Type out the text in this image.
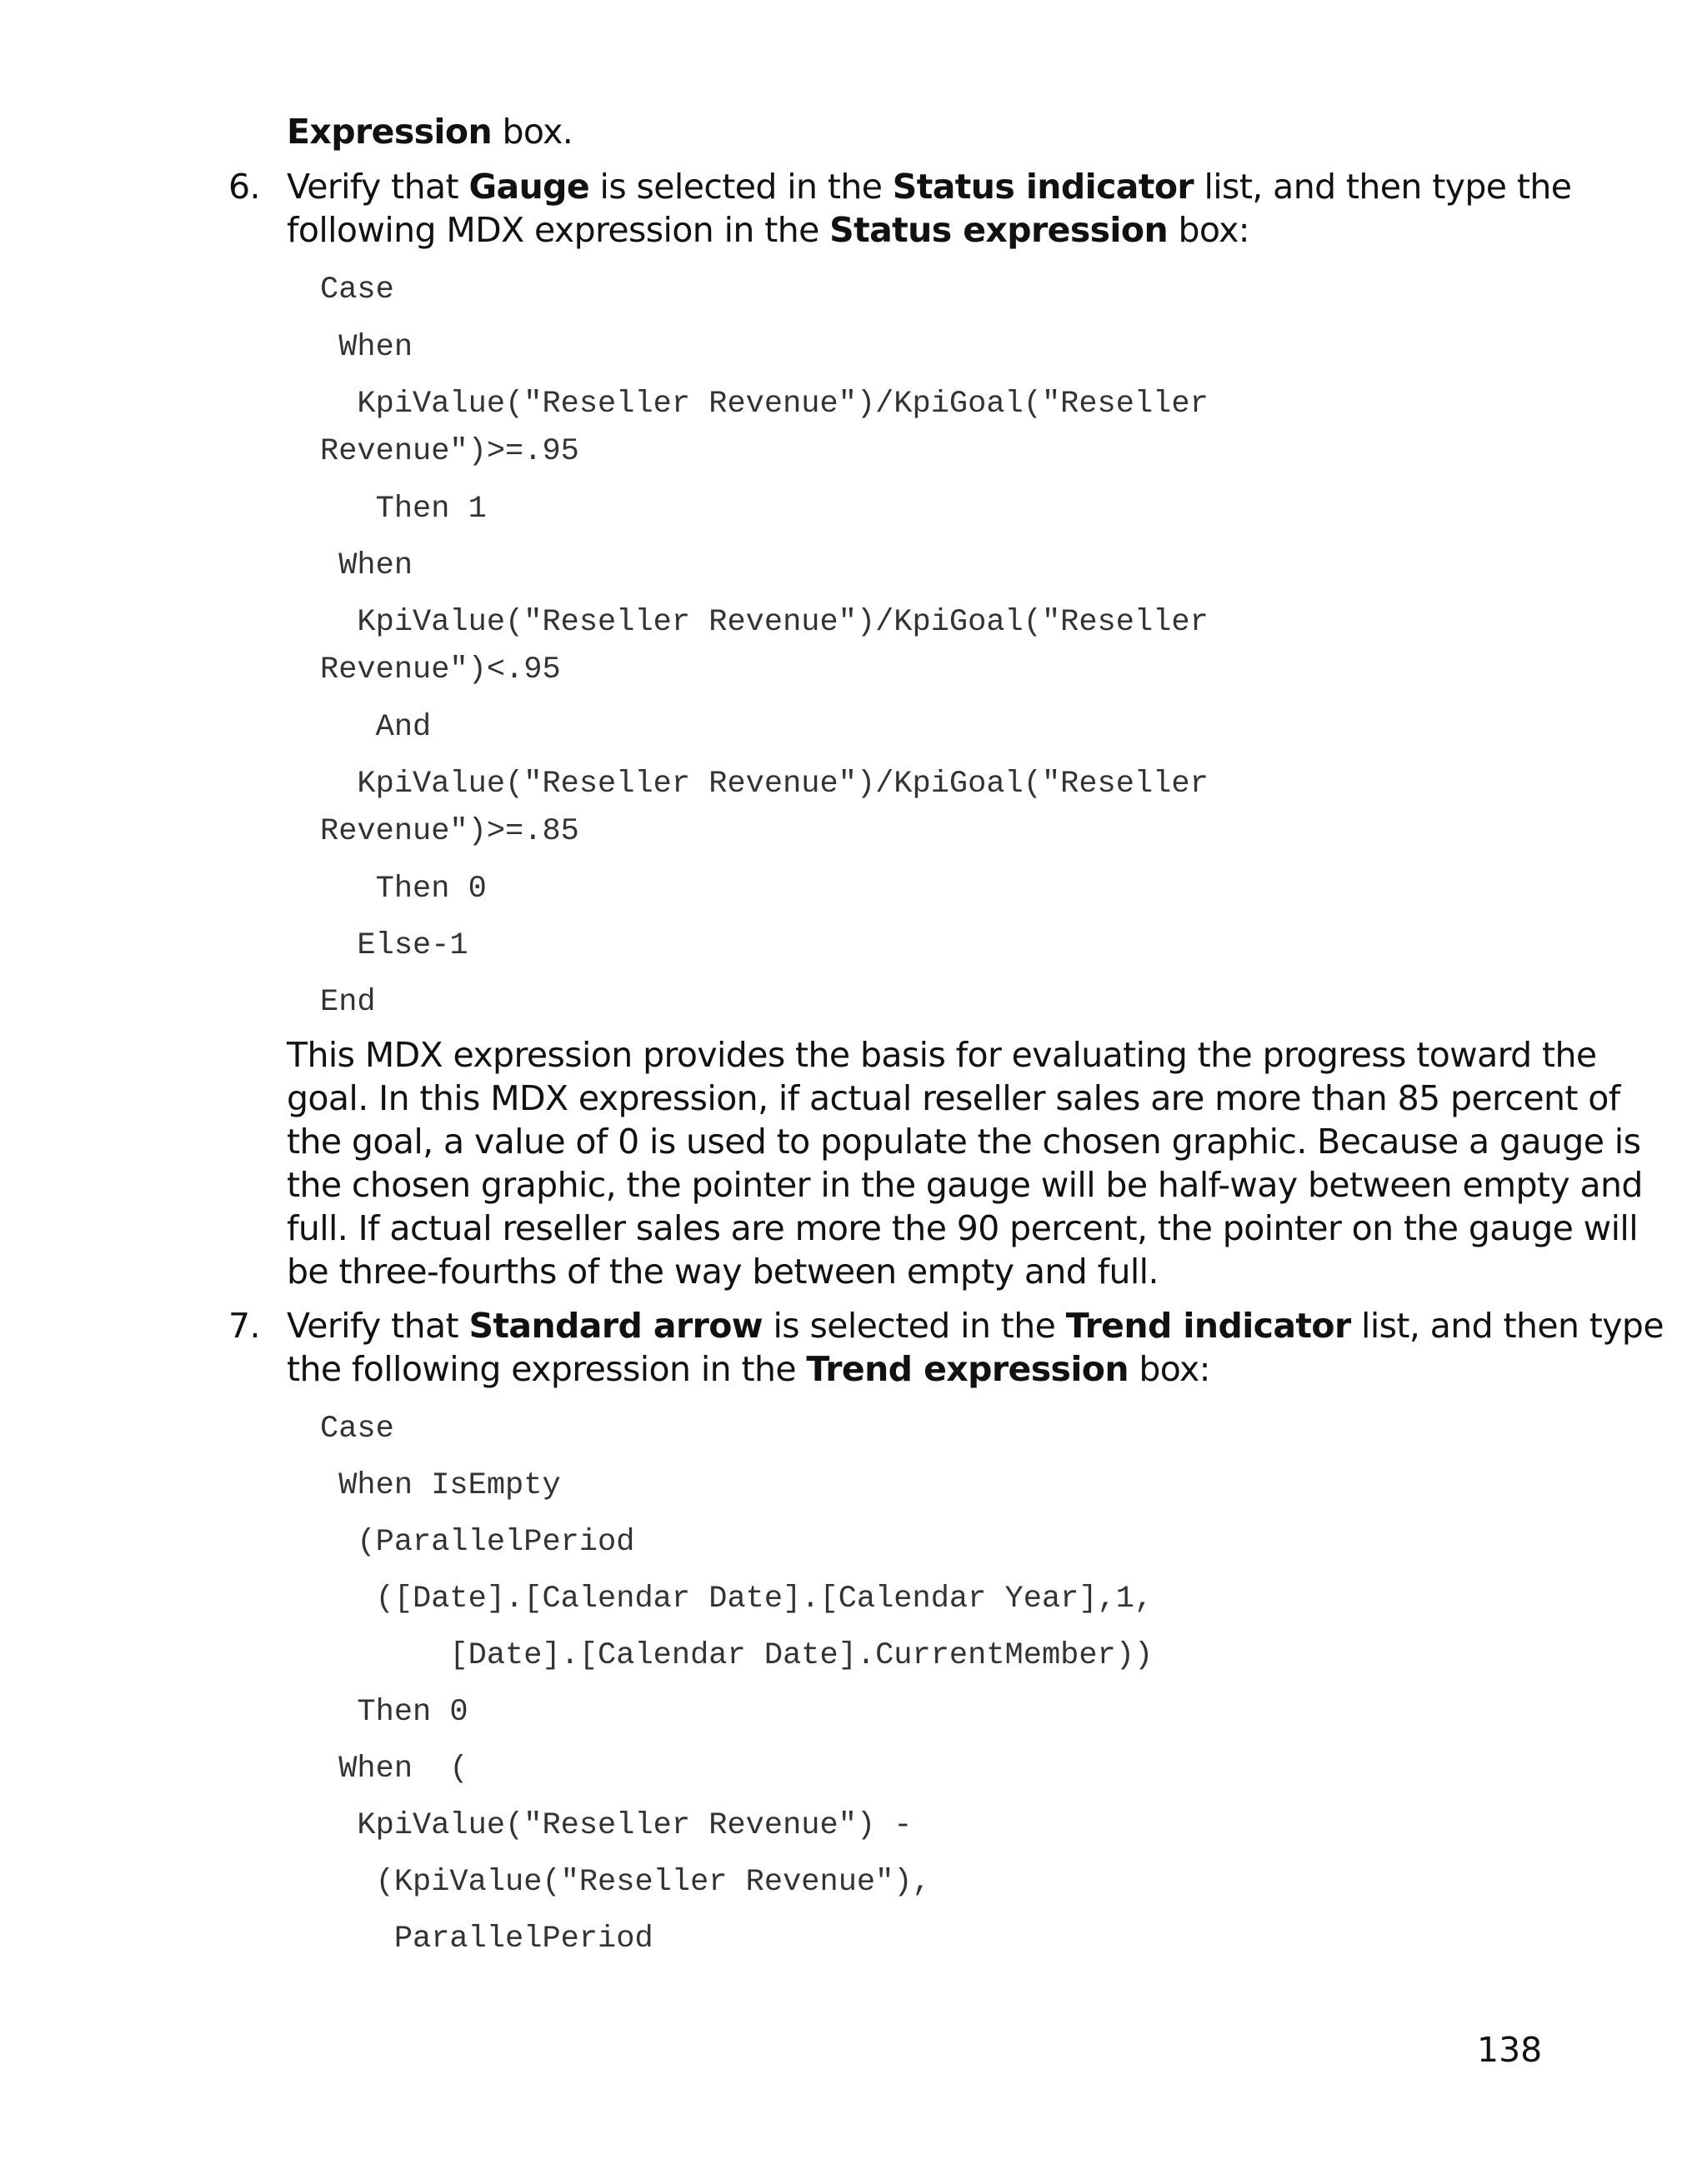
Expression box.
6. Verify that Gauge is selected in the Status indicator list, and then type the
following MDX expression in the Status expression box:
Case
When
KpiValue("Reseller Revenue")/KpiGoal("Reseller
Revenue")>=.95
Then 1
When
KpiValue("Reseller Revenue")/KpiGoal("Reseller
Revenue")<.95
And
KpiValue("Reseller Revenue")/KpiGoal("Reseller
Revenue")>=.85
Then 0
Else-1
End
This MDX expression provides the basis for evaluating the progress toward the
goal. In this MDX expression, if actual reseller sales are more than 85 percent of
the goal, a value of 0 is used to populate the chosen graphic. Because a gauge is
the chosen graphic, the pointer in the gauge will be half-way between empty and
full. If actual reseller sales are more the 90 percent, the pointer on the gauge will
be three-fourths of the way between empty and full.
7. Verify that Standard arrow is selected in the Trend indicator list, and then type
the following expression in the Trend expression box:
Case
When IsEmpty
(ParallelPeriod
([Date].[Calendar Date].[Calendar Year],1,
[Date].[Calendar Date].CurrentMember))
Then 0
When  (
KpiValue("Reseller Revenue") -
(KpiValue("Reseller Revenue"),
ParallelPeriod
138
